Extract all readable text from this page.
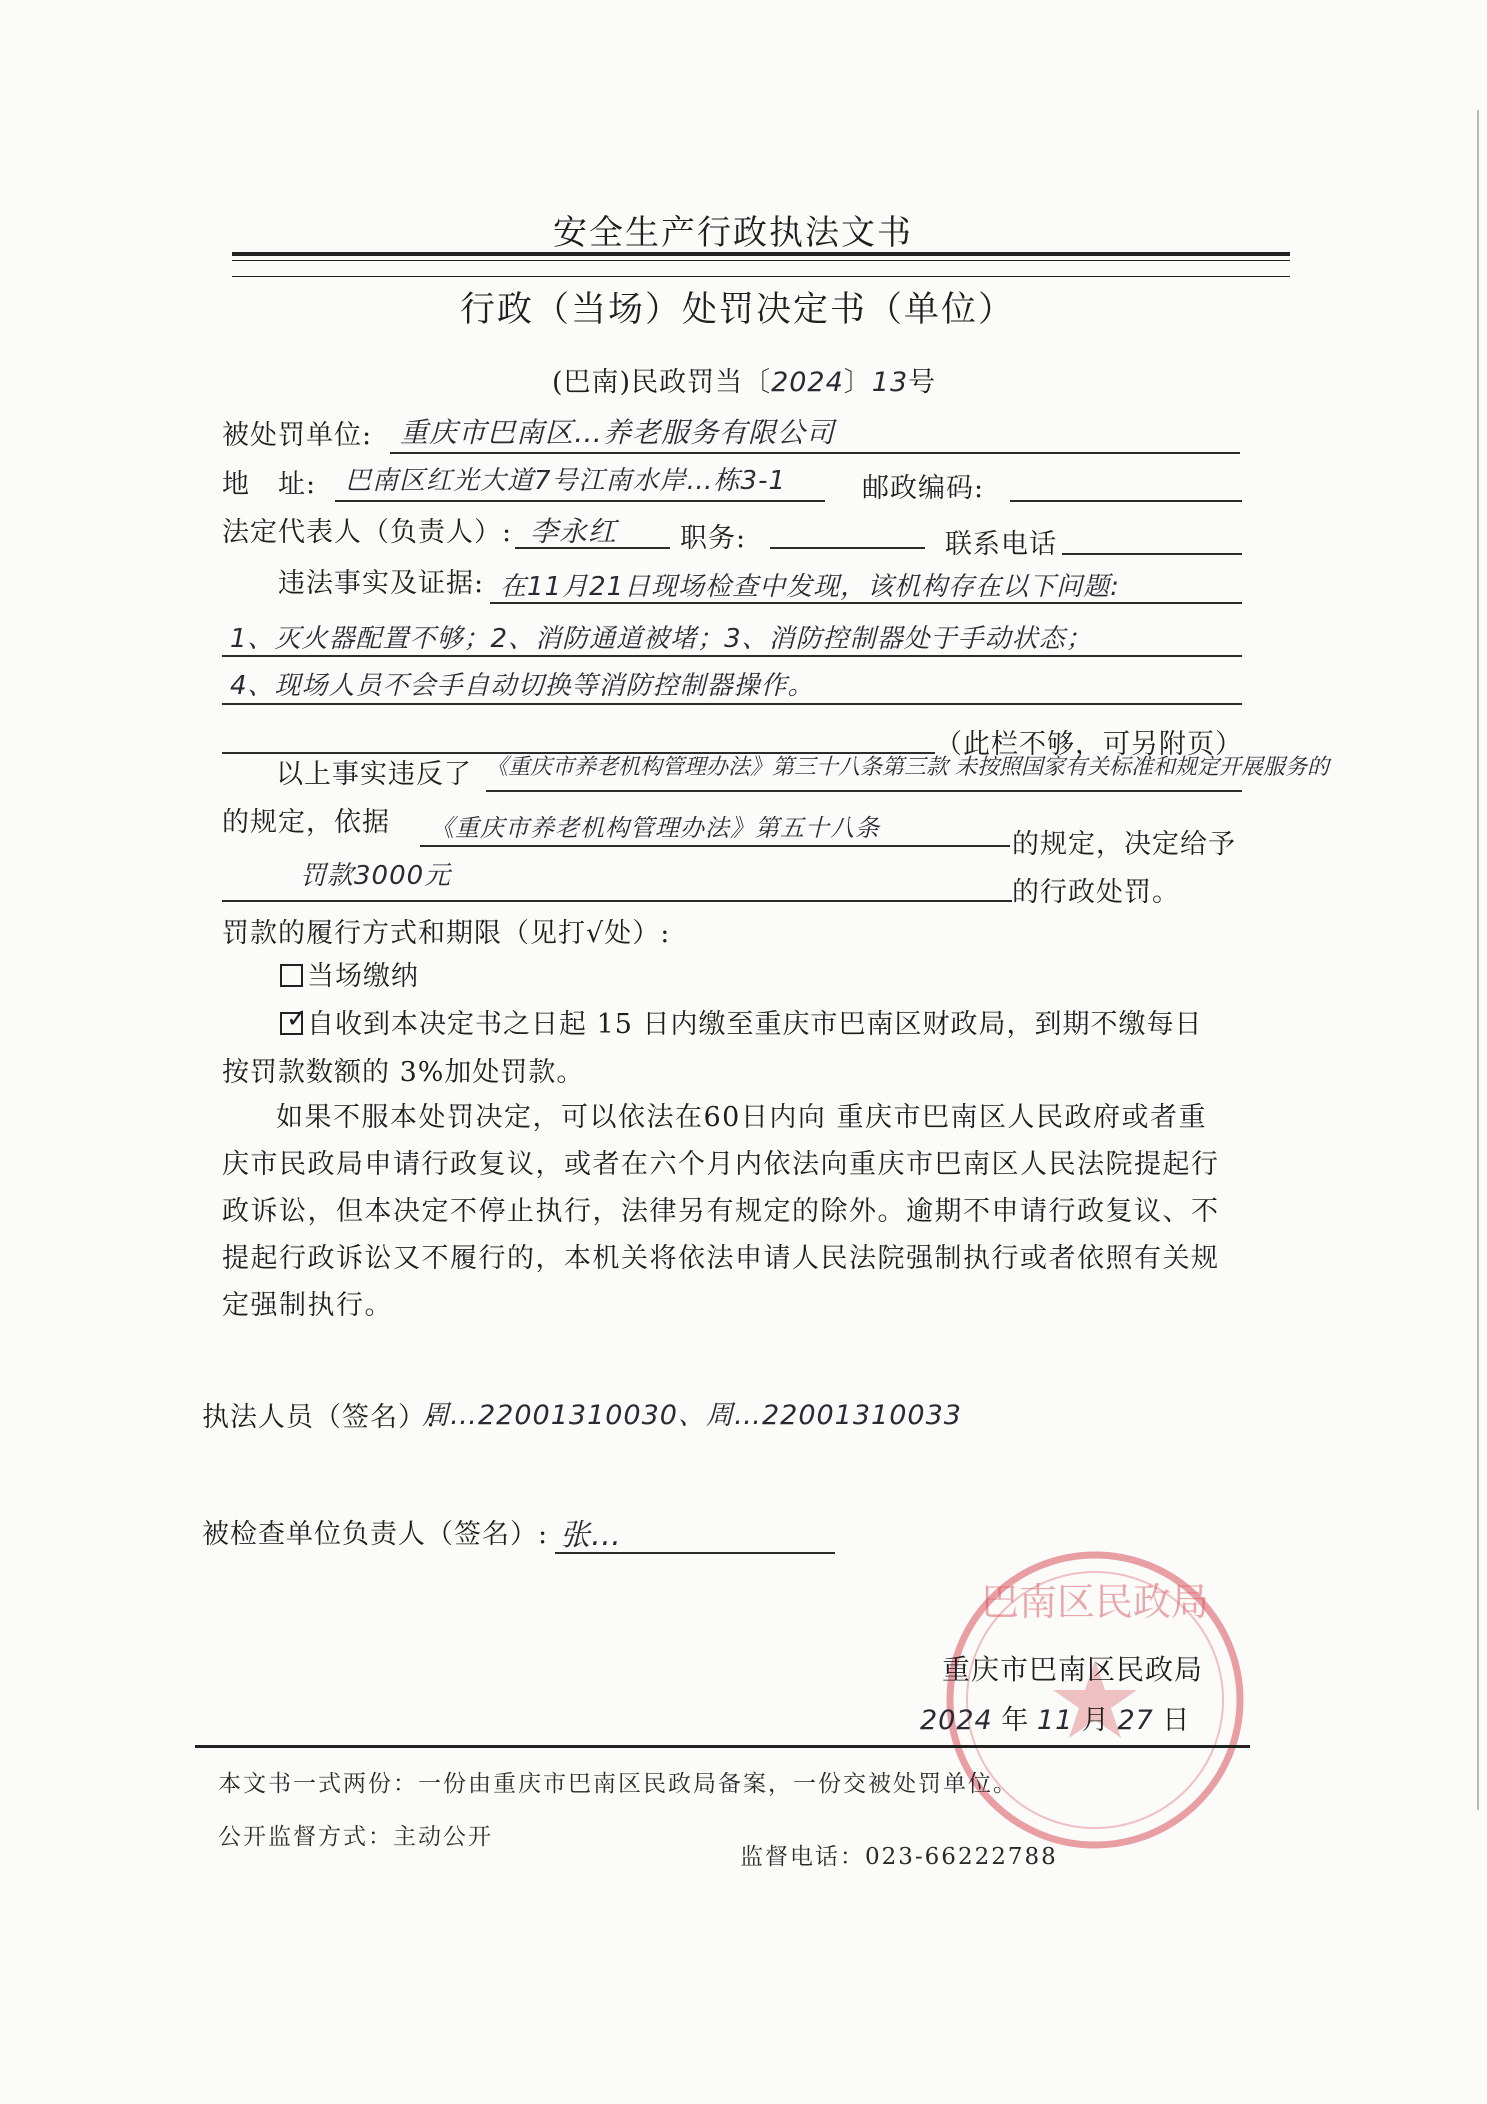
安全生产行政执法文书
行政（当场）处罚决定书（单位）
(巴南)民政罚当〔2024〕13号
被处罚单位: 重庆市巴南区…养老服务有限公司
地　址: 巴南区红光大道7号江南水岸…栋3-1	邮政编码:
法定代表人（负责人）: 李永红 职务:	联系电话
违法事实及证据: 在11月21日现场检查中发现，该机构存在以下问题:
1、灭火器配置不够；2、消防通道被堵；3、消防控制器处于手动状态；
4、现场人员不会手自动切换等消防控制器操作。
（此栏不够，可另附页）
以上事实违反了 《重庆市养老机构管理办法》第三十八条第三款 未按照国家有关标准和规定开展服务的
的规定，依据 《重庆市养老机构管理办法》第五十八条
的规定，决定给予
罚款3000元
的行政处罚。
罚款的履行方式和期限（见打√处）:
当场缴纳
✓
自收到本决定书之日起 15 日内缴至重庆市巴南区财政局，到期不缴每日
按罚款数额的 3%加处罚款。
如果不服本处罚决定，可以依法在60日内向 重庆市巴南区人民政府或者重
庆市民政局申请行政复议，或者在六个月内依法向重庆市巴南区人民法院提起行
政诉讼，但本决定不停止执行，法律另有规定的除外。逾期不申请行政复议、不
提起行政诉讼又不履行的，本机关将依法申请人民法院强制执行或者依照有关规
定强制执行。
执法人员（签名）:
周…22001310030、周…22001310033
被检查单位负责人（签名）: 张…
巴南区民政局
重庆市巴南区民政局
2024 年 11 月 27 日
本文书一式两份：一份由重庆市巴南区民政局备案，一份交被处罚单位。
公开监督方式：主动公开
监督电话：023-66222788
